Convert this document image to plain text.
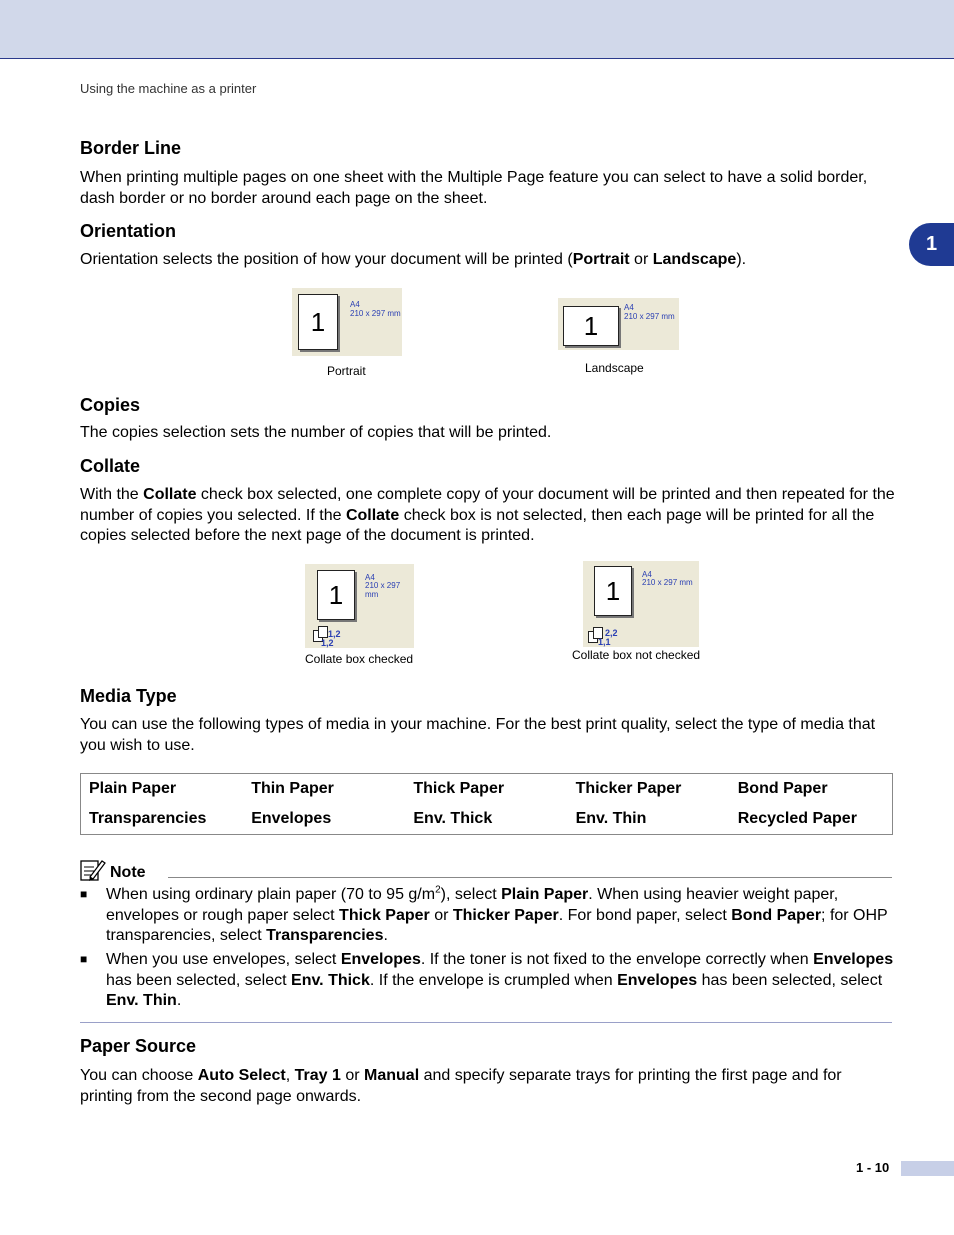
Using the machine as a printer
1
Border Line

When printing multiple pages on one sheet with the Multiple Page feature you can select to have a solid border, dash border or no border around each page on the sheet.

Orientation

Orientation selects the position of how your document will be printed (Portrait or Landscape).

1
A4
210 x 297 mm
Portrait
1
A4
210 x 297 mm
Landscape
Copies

The copies selection sets the number of copies that will be printed.

Collate

With the Collate check box selected, one complete copy of your document will be printed and then repeated for the number of copies you selected. If the Collate check box is not selected, then each page will be printed for all the copies selected before the next page of the document is printed.

1
A4
210 x 297 mm
1,2
1,2
Collate box checked
1
A4
210 x 297 mm
2,2
1,1
Collate box not checked
Media Type

You can use the following types of media in your machine. For the best print quality, select the type of media that you wish to use.

Plain Paper	Thin Paper	Thick Paper	Thicker Paper	Bond Paper
Transparencies	Envelopes	Env. Thick	Env. Thin	Recycled Paper
Note
■ When using ordinary plain paper (70 to 95 $g/m^2$), select Plain Paper. When using heavier weight paper, envelopes or rough paper select Thick Paper or Thicker Paper. For bond paper, select Bond Paper; for OHP transparencies, select Transparencies.

■ When you use envelopes, select Envelopes. If the toner is not fixed to the envelope correctly when Envelopes has been selected, select Env. Thick. If the envelope is crumpled when Envelopes has been selected, select Env. Thin.

Paper Source

You can choose Auto Select, Tray 1 or Manual and specify separate trays for printing the first page and for printing from the second page onwards.

1 - 10
